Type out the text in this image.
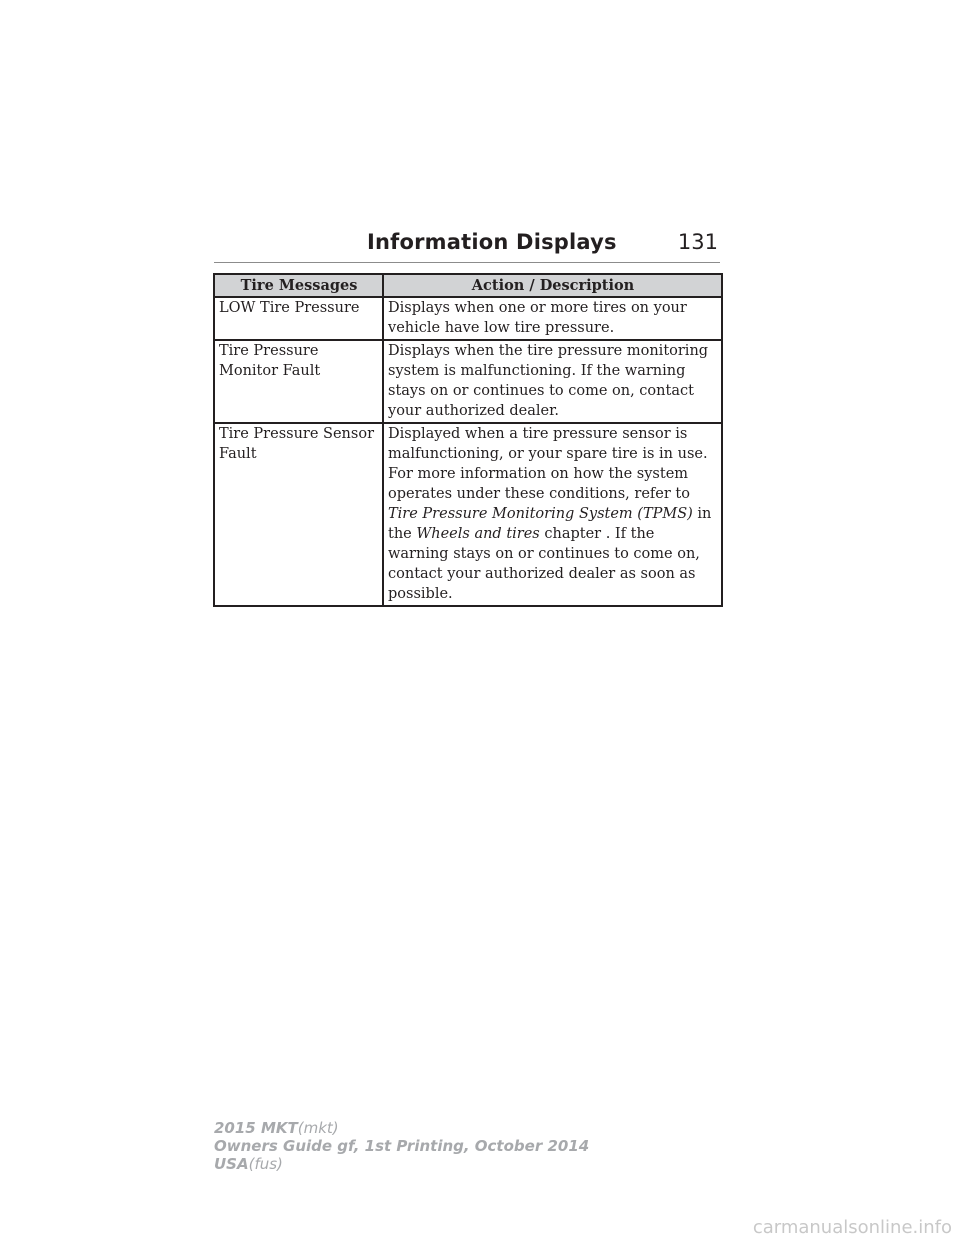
Information Displays	131
Tire Messages	Action / Description
LOW Tire Pressure	Displays when one or more tires on your vehicle have low tire pressure.
Tire Pressure Monitor Fault	Displays when the tire pressure monitoring system is malfunctioning. If the warning stays on or continues to come on, contact your authorized dealer.
Tire Pressure Sensor Fault	Displayed when a tire pressure sensor is malfunctioning, or your spare tire is in use. For more information on how the system operates under these conditions, refer to Tire Pressure Monitoring System (TPMS) in the Wheels and tires chapter . If the warning stays on or continues to come on, contact your authorized dealer as soon as possible.
2015 MKT(mkt)
Owners Guide gf, 1st Printing, October 2014
USA(fus)
carmanualsonline.info
